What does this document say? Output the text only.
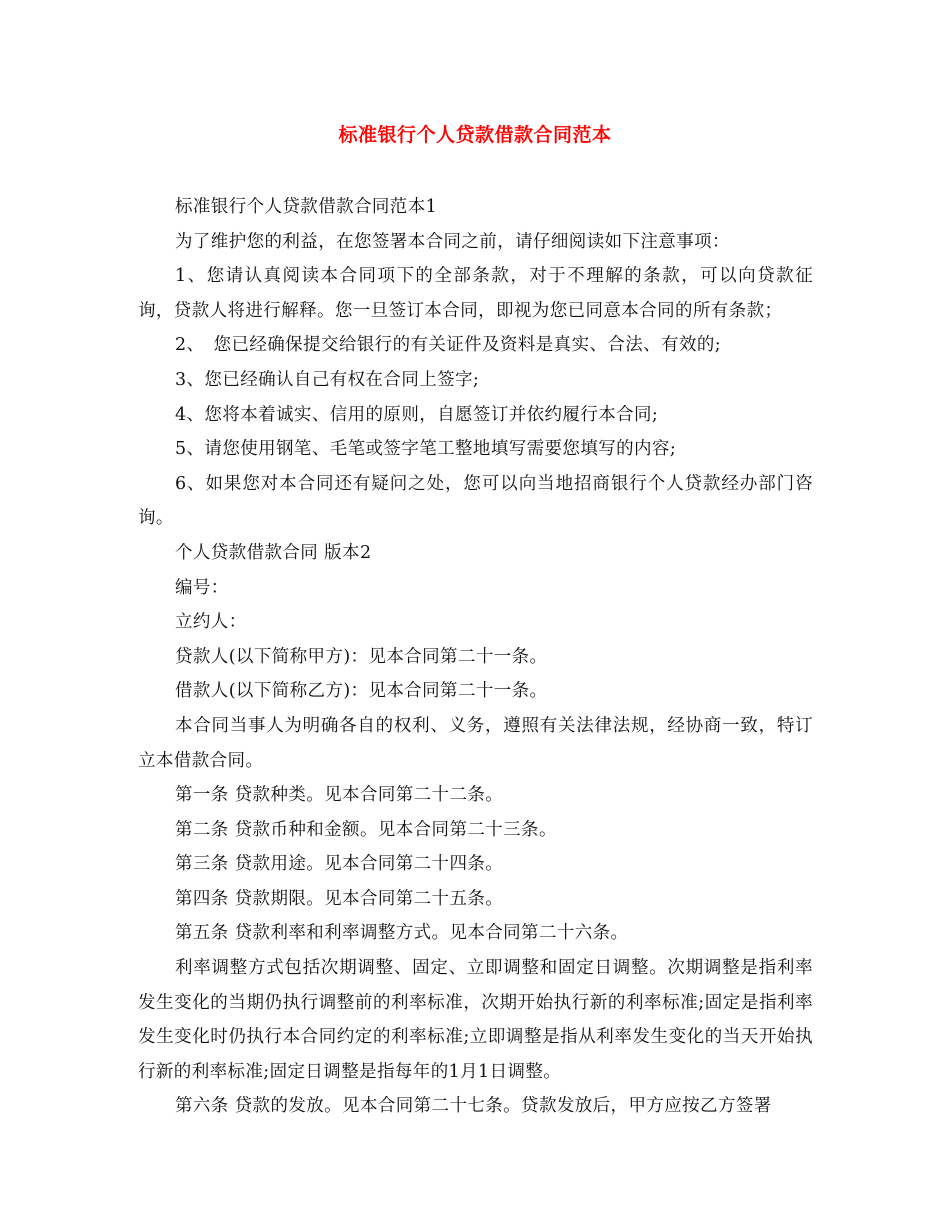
标准银行个人贷款借款合同范本

标准银行个人贷款借款合同范本1

为了维护您的利益，在您签署本合同之前，请仔细阅读如下注意事项：

1、您请认真阅读本合同项下的全部条款，对于不理解的条款，可以向贷款征询，贷款人将进行解释。您一旦签订本合同，即视为您已同意本合同的所有条款；

2、　您已经确保提交给银行的有关证件及资料是真实、合法、有效的;

3、您已经确认自己有权在合同上签字;

4、您将本着诚实、信用的原则，自愿签订并依约履行本合同;

5、请您使用钢笔、毛笔或签字笔工整地填写需要您填写的内容;

6、如果您对本合同还有疑问之处，您可以向当地招商银行个人贷款经办部门咨询。

个人贷款借款合同 版本2

编号：

立约人：

贷款人(以下简称甲方)：见本合同第二十一条。

借款人(以下简称乙方)：见本合同第二十一条。

本合同当事人为明确各自的权利、义务，遵照有关法律法规，经协商一致，特订立本借款合同。

第一条 贷款种类。见本合同第二十二条。

第二条 贷款币种和金额。见本合同第二十三条。

第三条 贷款用途。见本合同第二十四条。

第四条 贷款期限。见本合同第二十五条。

第五条 贷款利率和利率调整方式。见本合同第二十六条。

利率调整方式包括次期调整、固定、立即调整和固定日调整。次期调整是指利率发生变化的当期仍执行调整前的利率标准，次期开始执行新的利率标准;固定是指利率发生变化时仍执行本合同约定的利率标准;立即调整是指从利率发生变化的当天开始执行新的利率标准;固定日调整是指每年的1月1日调整。

第六条 贷款的发放。见本合同第二十七条。贷款发放后，甲方应按乙方签署
